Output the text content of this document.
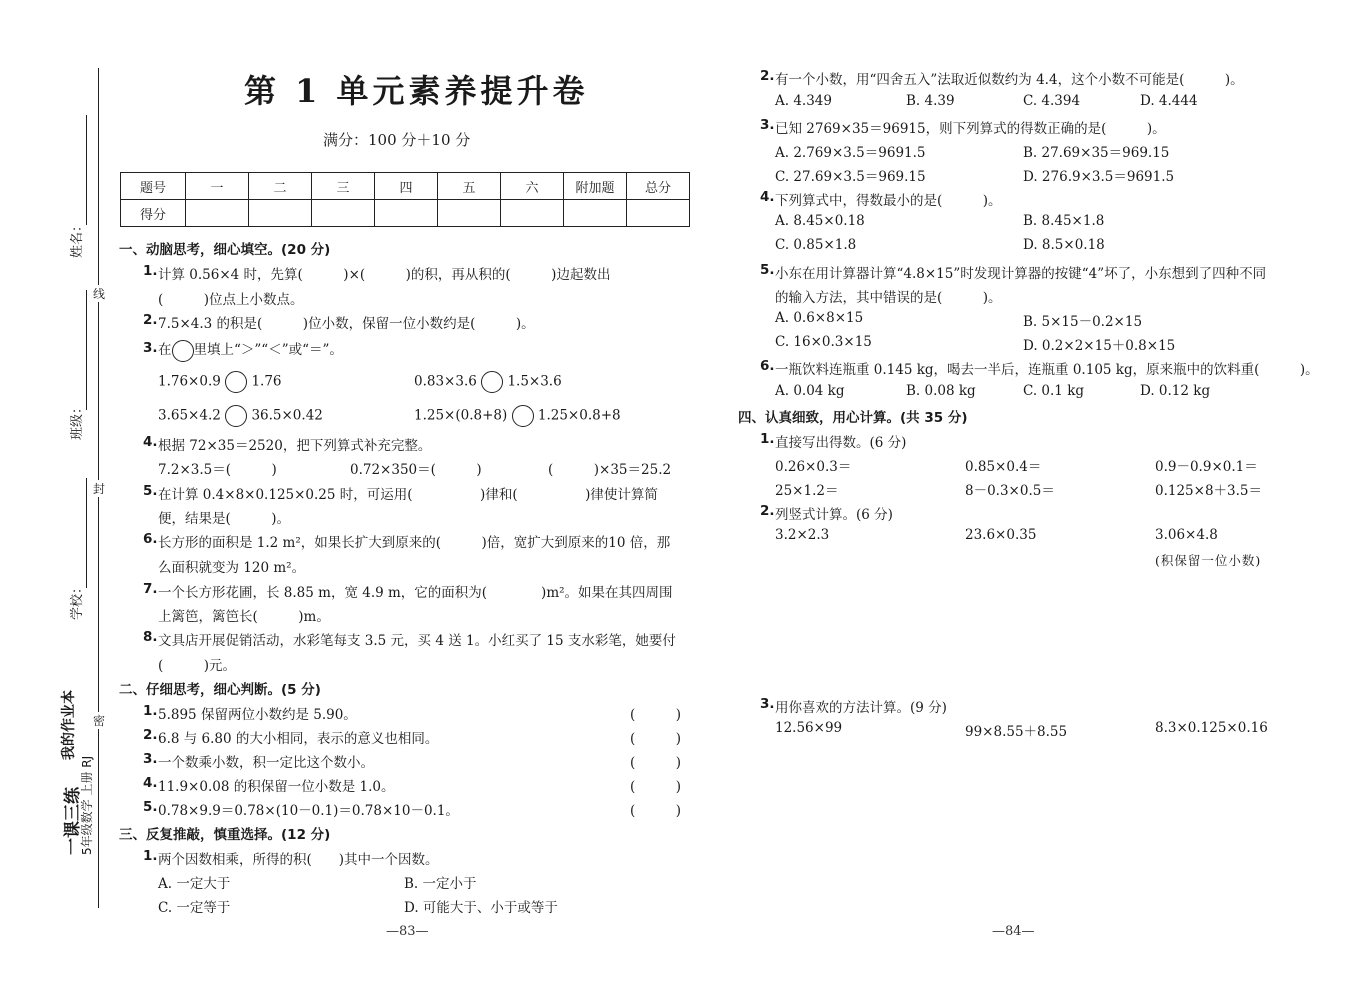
姓名：
班级：
学校：
线
封
密
一课三练
我的作业本
5年级数学 上册 RJ
第 1 单元素养提升卷
满分：100 分＋10 分
题号	一	二	三	四	五	六	附加题	总分
得分								
一、动脑思考，细心填空。(20 分)
1. 计算 0.56×4 时，先算(　　　)×(　　　)的积，再从积的(　　　)边起数出
(　　　)位点上小数点。
2. 7.5×4.3 的积是(　　　)位小数，保留一位小数约是(　　　)。
3. 在 里填上“＞”“＜”或“＝”。
1.76×0.9 1.76	0.83×3.6 1.5×3.6
3.65×4.2 36.5×0.42	1.25×(0.8+8) 1.25×0.8+8
4. 根据 72×35＝2520，把下列算式补充完整。
7.2×3.5＝(　　　)	0.72×350＝(　　　)	(　　　)×35＝25.2
5. 在计算 0.4×8×0.125×0.25 时，可运用(　　　　　)律和(　　　　　)律使计算简
便，结果是(　　　)。
6. 长方形的面积是 1.2 m²，如果长扩大到原来的(　　　)倍，宽扩大到原来的10 倍，那
么面积就变为 120 m²。
7. 一个长方形花圃，长 8.85 m，宽 4.9 m，它的面积为(　　　　)m²。如果在其四周围
上篱笆，篱笆长(　　　)m。
8. 文具店开展促销活动，水彩笔每支 3.5 元，买 4 送 1。小红买了 15 支水彩笔，她要付
(　　　)元。
二、仔细思考，细心判断。(5 分)
1. 5.895 保留两位小数约是 5.90。	(　　　)
2. 6.8 与 6.80 的大小相同，表示的意义也相同。	(　　　)
3. 一个数乘小数，积一定比这个数小。	(　　　)
4. 11.9×0.08 的积保留一位小数是 1.0。	(　　　)
5. 0.78×9.9＝0.78×(10－0.1)＝0.78×10－0.1。	(　　　)
三、反复推敲，慎重选择。(12 分)
1. 两个因数相乘，所得的积(　　)其中一个因数。
A. 一定大于	B. 一定小于
C. 一定等于	D. 可能大于、小于或等于
—83—
2. 有一个小数，用“四舍五入”法取近似数约为 4.4，这个小数不可能是(　　　)。
A. 4.349	B. 4.39	C. 4.394	D. 4.444
3. 已知 2769×35＝96915，则下列算式的得数正确的是(　　　)。
A. 2.769×3.5＝9691.5	B. 27.69×35＝969.15
C. 27.69×3.5＝969.15	D. 276.9×3.5＝9691.5
4. 下列算式中，得数最小的是(　　　)。
A. 8.45×0.18	B. 8.45×1.8
C. 0.85×1.8	D. 8.5×0.18
5. 小东在用计算器计算“4.8×15”时发现计算器的按键“4”坏了，小东想到了四种不同
的输入方法，其中错误的是(　　　)。
A. 0.6×8×15	B. 5×15－0.2×15
C. 16×0.3×15	D. 0.2×2×15＋0.8×15
6. 一瓶饮料连瓶重 0.145 kg，喝去一半后，连瓶重 0.105 kg，原来瓶中的饮料重(　　　)。
A. 0.04 kg	B. 0.08 kg	C. 0.1 kg	D. 0.12 kg
四、认真细致，用心计算。(共 35 分)
1. 直接写出得数。(6 分)
0.26×0.3＝	0.85×0.4＝	0.9－0.9×0.1＝
25×1.2＝	8－0.3×0.5＝	0.125×8＋3.5＝
2. 列竖式计算。(6 分)
3.2×2.3	23.6×0.35	3.06×4.8
(积保留一位小数)
3. 用你喜欢的方法计算。(9 分)
12.56×99	99×8.55＋8.55	8.3×0.125×0.16
—84—
